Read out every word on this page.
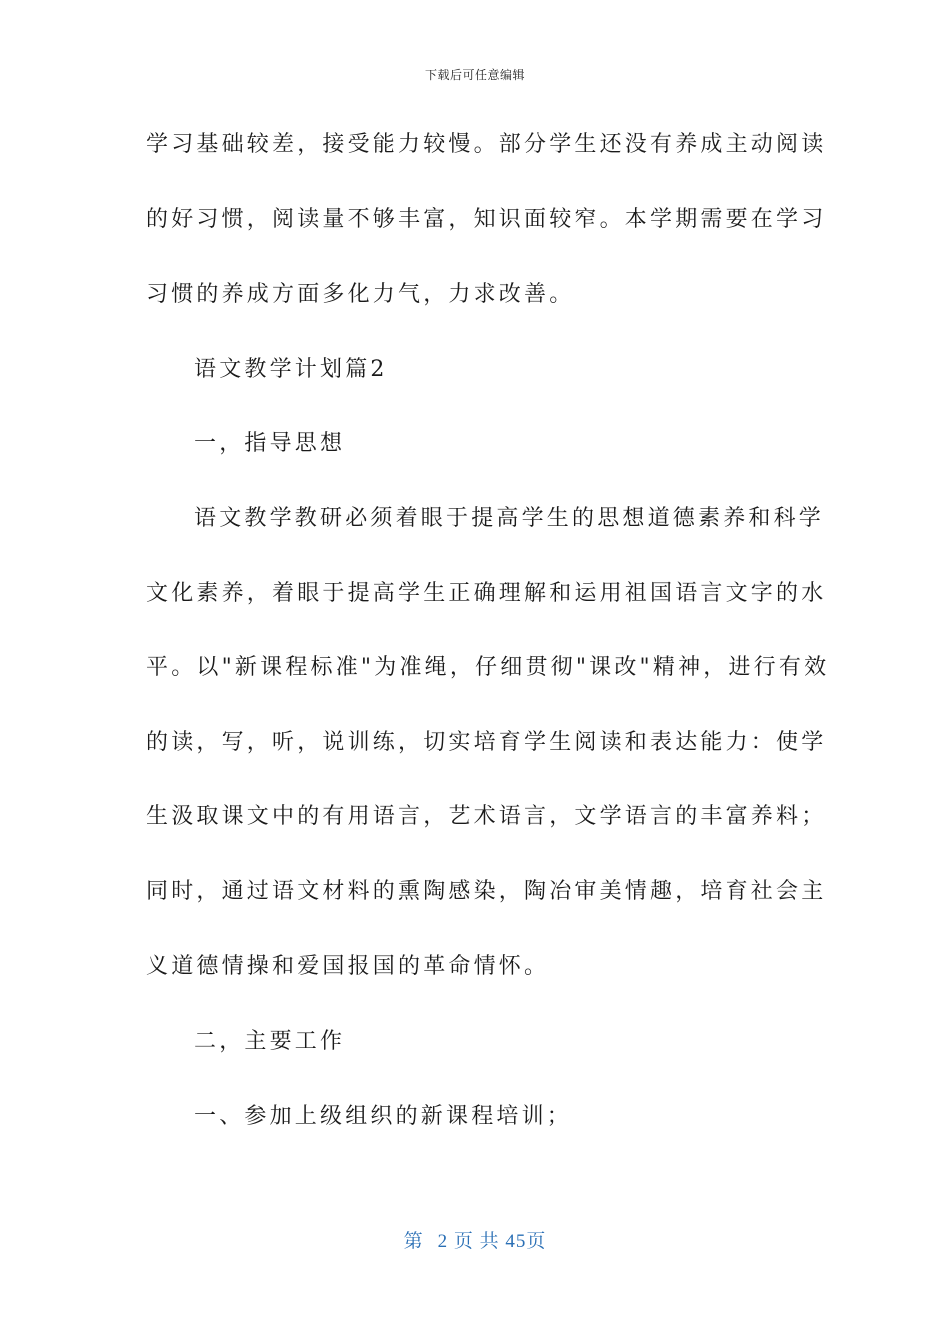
下载后可任意编辑
学习基础较差，接受能力较慢。部分学生还没有养成主动阅读
的好习惯，阅读量不够丰富，知识面较窄。本学期需要在学习
习惯的养成方面多化力气，力求改善。
语文教学计划篇2
一，指导思想
语文教学教研必须着眼于提高学生的思想道德素养和科学
文化素养，着眼于提高学生正确理解和运用祖国语言文字的水
平。以"新课程标准"为准绳，仔细贯彻"课改"精神，进行有效
的读，写，听，说训练，切实培育学生阅读和表达能力：使学
生汲取课文中的有用语言，艺术语言，文学语言的丰富养料；
同时，通过语文材料的熏陶感染，陶冶审美情趣，培育社会主
义道德情操和爱国报国的革命情怀。
二，主要工作
一、参加上级组织的新课程培训；
第 2 页 共 45页
